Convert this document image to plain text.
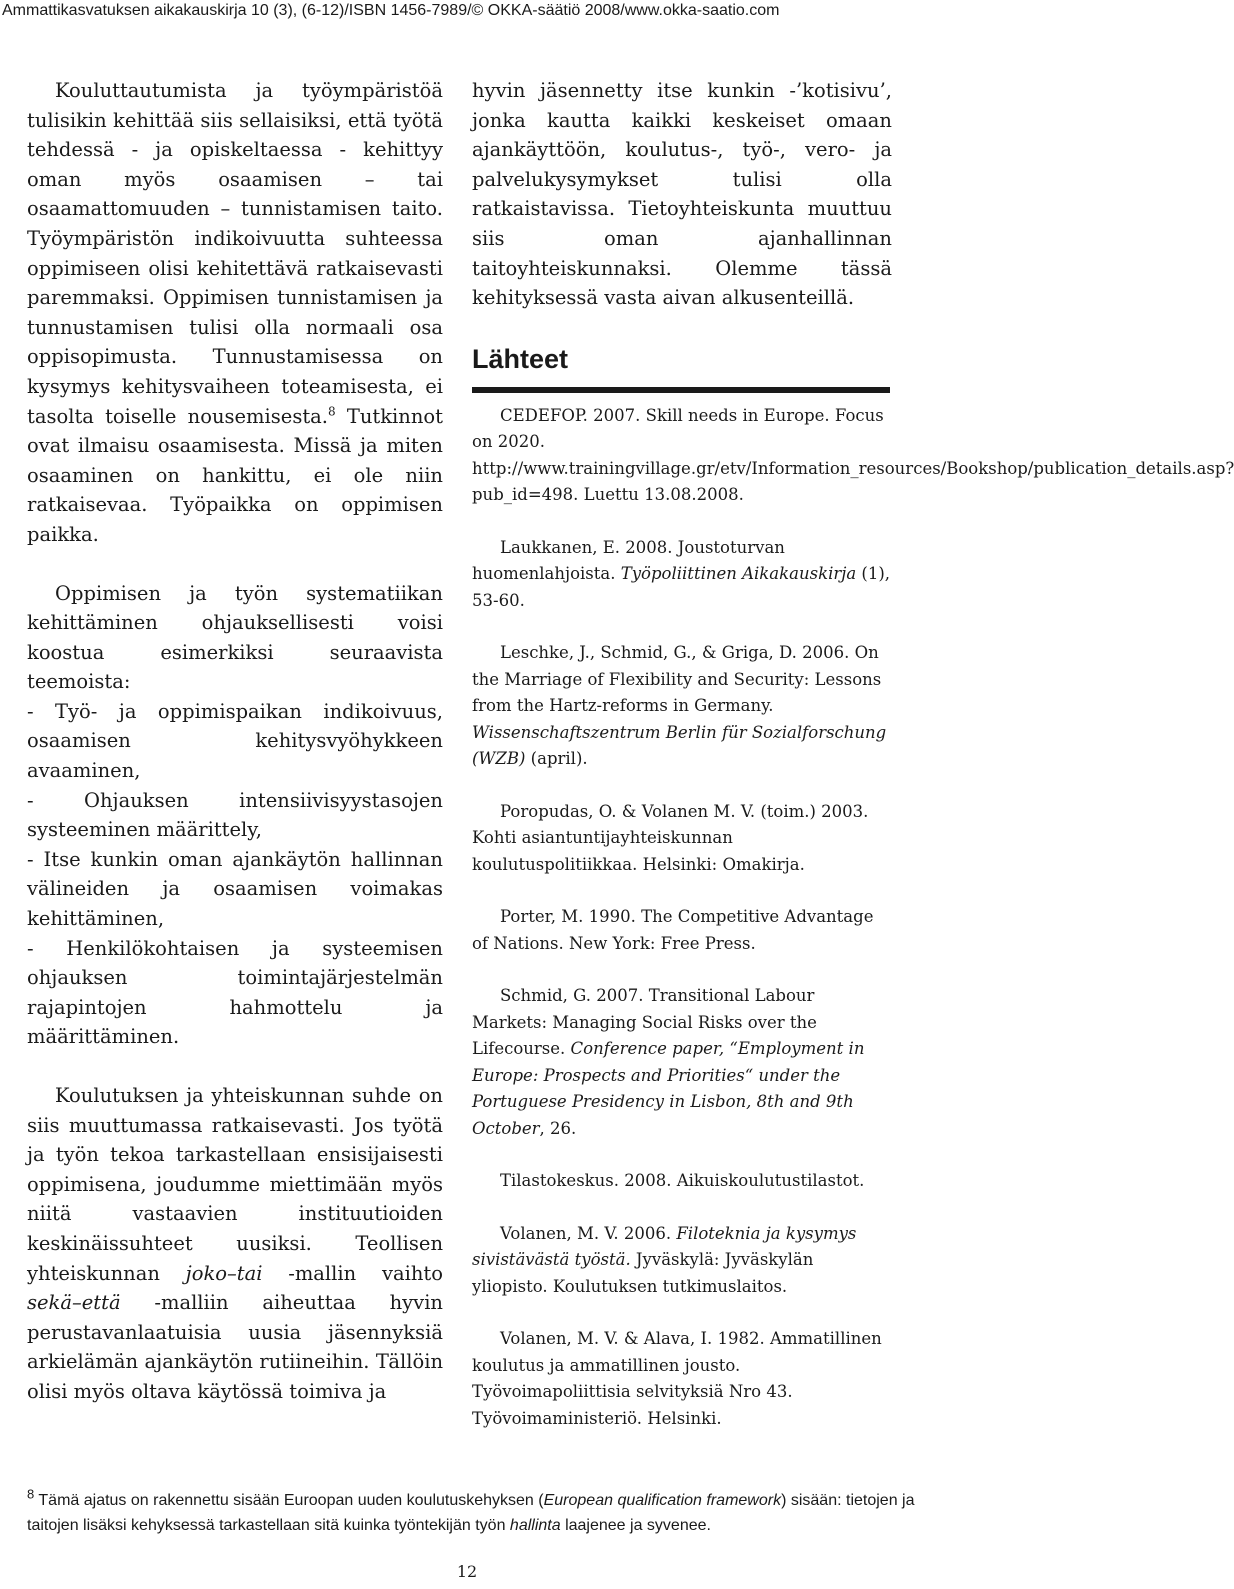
Ammattikasvatuksen aikakauskirja 10 (3), (6-12)/ISBN 1456-7989/© OKKA-säätiö 2008/www.okka-saatio.com

Kouluttautumista ja työympäristöä tulisikin kehittää siis sellaisiksi, että työtä tehdessä - ja opiskeltaessa - kehittyy oman myös osaamisen – tai osaamattomuuden – tunnistamisen taito. Työympäristön indikoivuutta suhteessa oppimiseen olisi kehitettävä ratkaisevasti paremmaksi. Oppimisen tunnistamisen ja tunnustamisen tulisi olla normaali osa oppisopimusta. Tunnustamisessa on kysymys kehitysvaiheen toteamisesta, ei tasolta toiselle nousemisesta.$^8$ Tutkinnot ovat ilmaisu osaamisesta. Missä ja miten osaaminen on hankittu, ei ole niin ratkaisevaa. Työpaikka on oppimisen paikka.

Oppimisen ja työn systematiikan kehittäminen ohjauksellisesti voisi koostua esimerkiksi seuraavista teemoista:

- Työ- ja oppimispaikan indikoivuus, osaamisen kehitysvyöhykkeen avaaminen,

- Ohjauksen intensiivisyystasojen systeeminen määrittely,

- Itse kunkin oman ajankäytön hallinnan välineiden ja osaamisen voimakas kehittäminen,

- Henkilökohtaisen ja systeemisen ohjauksen toimintajärjestelmän rajapintojen hahmottelu ja määrittäminen.

Koulutuksen ja yhteiskunnan suhde on siis muuttumassa ratkaisevasti. Jos työtä ja työn tekoa tarkastellaan ensisijaisesti oppimisena, joudumme miettimään myös niitä vastaavien instituutioiden keskinäissuhteet uusiksi. Teollisen yhteiskunnan joko–tai -mallin vaihto sekä–että -malliin aiheuttaa hyvin perustavanlaatuisia uusia jäsennyksiä arkielämän ajankäytön rutiineihin. Tällöin olisi myös oltava käytössä toimiva ja

hyvin jäsennetty itse kunkin -’kotisivu’, jonka kautta kaikki keskeiset omaan ajankäyttöön, koulutus-, työ-, vero- ja palvelukysymykset tulisi olla ratkaistavissa. Tietoyhteiskunta muuttuu siis oman ajanhallinnan taitoyhteiskunnaksi. Olemme tässä kehityksessä vasta aivan alkusenteillä.

Lähteet

CEDEFOP. 2007. Skill needs in Europe. Focus on 2020. http://www.trainingvillage.gr/etv/Information_resources/Bookshop/publication_details.asp?pub_id=498. Luettu 13.08.2008.

Laukkanen, E. 2008. Joustoturvan huomenlahjoista. Työpoliittinen Aikakauskirja (1), 53-60.

Leschke, J., Schmid, G., & Griga, D. 2006. On the Marriage of Flexibility and Security: Lessons from the Hartz-reforms in Germany. Wissenschaftszentrum Berlin für Sozialforschung (WZB) (april).

Poropudas, O. & Volanen M. V. (toim.) 2003. Kohti asiantuntijayhteiskunnan koulutuspolitiikkaa. Helsinki: Omakirja.

Porter, M. 1990. The Competitive Advantage of Nations. New York: Free Press.

Schmid, G. 2007. Transitional Labour Markets: Managing Social Risks over the Lifecourse. Conference paper, “Employment in Europe: Prospects and Priorities“ under the Portuguese Presidency in Lisbon, 8th and 9th October, 26.

Tilastokeskus. 2008. Aikuiskoulutustilastot.

Volanen, M. V. 2006. Filoteknia ja kysymys sivistävästä työstä. Jyväskylä: Jyväskylän yliopisto. Koulutuksen tutkimuslaitos.

Volanen, M. V. & Alava, I. 1982. Ammatillinen koulutus ja ammatillinen jousto. Työvoimapoliittisia selvityksiä Nro 43. Työvoimaministeriö. Helsinki.

$^8$ Tämä ajatus on rakennettu sisään Euroopan uuden koulutuskehyksen (European qualification framework) sisään: tietojen ja taitojen lisäksi kehyksessä tarkastellaan sitä kuinka työntekijän työn hallinta laajenee ja syvenee.
12
